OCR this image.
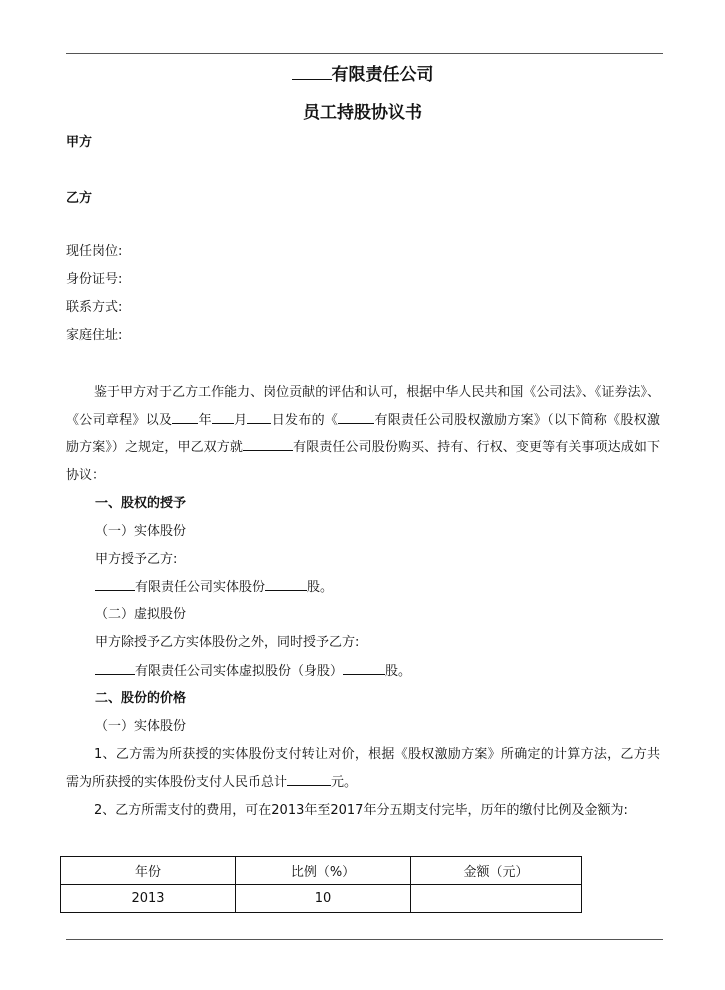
有限责任公司
员工持股协议书
甲方
乙方
现任岗位:
身份证号:
联系方式:
家庭住址:
鉴于甲方对于乙方工作能力、岗位贡献的评估和认可，根据中华人民共和国《公司法》、《证券法》、《公司章程》以及 年 月 日发布的《	有限责任公司股权激励方案》（以下简称《股权激励方案》）之规定，甲乙双方就	有限责任公司股份购买、持有、行权、变更等有关事项达成如下协议：
一、股权的授予
（一）实体股份
甲方授予乙方:
有限责任公司实体股份	股。
（二）虚拟股份
甲方除授予乙方实体股份之外，同时授予乙方:
有限责任公司实体虚拟股份（身股）	股。
二、股份的价格
（一）实体股份
1、乙方需为所获授的实体股份支付转让对价，根据《股权激励方案》所确定的计算方法，乙方共需为所获授的实体股份支付人民币总计	元。
2、乙方所需支付的费用，可在2013年至2017年分五期支付完毕，历年的缴付比例及金额为:
年份	比例（%）	金额（元）
2013	10	
